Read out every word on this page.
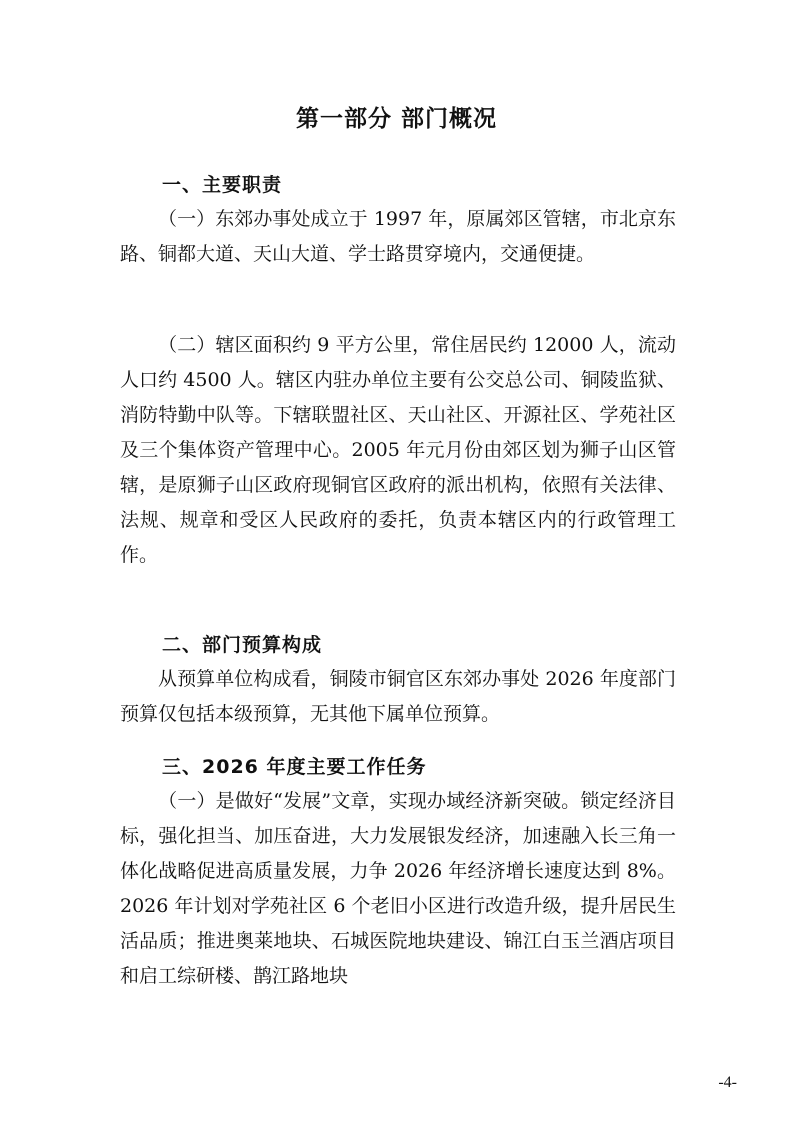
第一部分 部门概况
一、主要职责

（一）东郊办事处成立于 1997 年，原属郊区管辖，市北京东路、铜都大道、天山大道、学士路贯穿境内，交通便捷。

（二）辖区面积约 9 平方公里，常住居民约 12000 人，流动人口约 4500 人。辖区内驻办单位主要有公交总公司、铜陵监狱、消防特勤中队等。下辖联盟社区、天山社区、开源社区、学苑社区及三个集体资产管理中心。2005 年元月份由郊区划为狮子山区管辖，是原狮子山区政府现铜官区政府的派出机构，依照有关法律、法规、规章和受区人民政府的委托，负责本辖区内的行政管理工作。

二、部门预算构成

从预算单位构成看，铜陵市铜官区东郊办事处 2026 年度部门预算仅包括本级预算，无其他下属单位预算。

三、2026 年度主要工作任务

（一）是做好“发展”文章，实现办域经济新突破。锁定经济目标，强化担当、加压奋进，大力发展银发经济，加速融入长三角一体化战略促进高质量发展，力争 2026 年经济增长速度达到 8%。2026 年计划对学苑社区 6 个老旧小区进行改造升级，提升居民生活品质；推进奥莱地块、石城医院地块建设、锦江白玉兰酒店项目和启工综研楼、鹊江路地块

-4-
